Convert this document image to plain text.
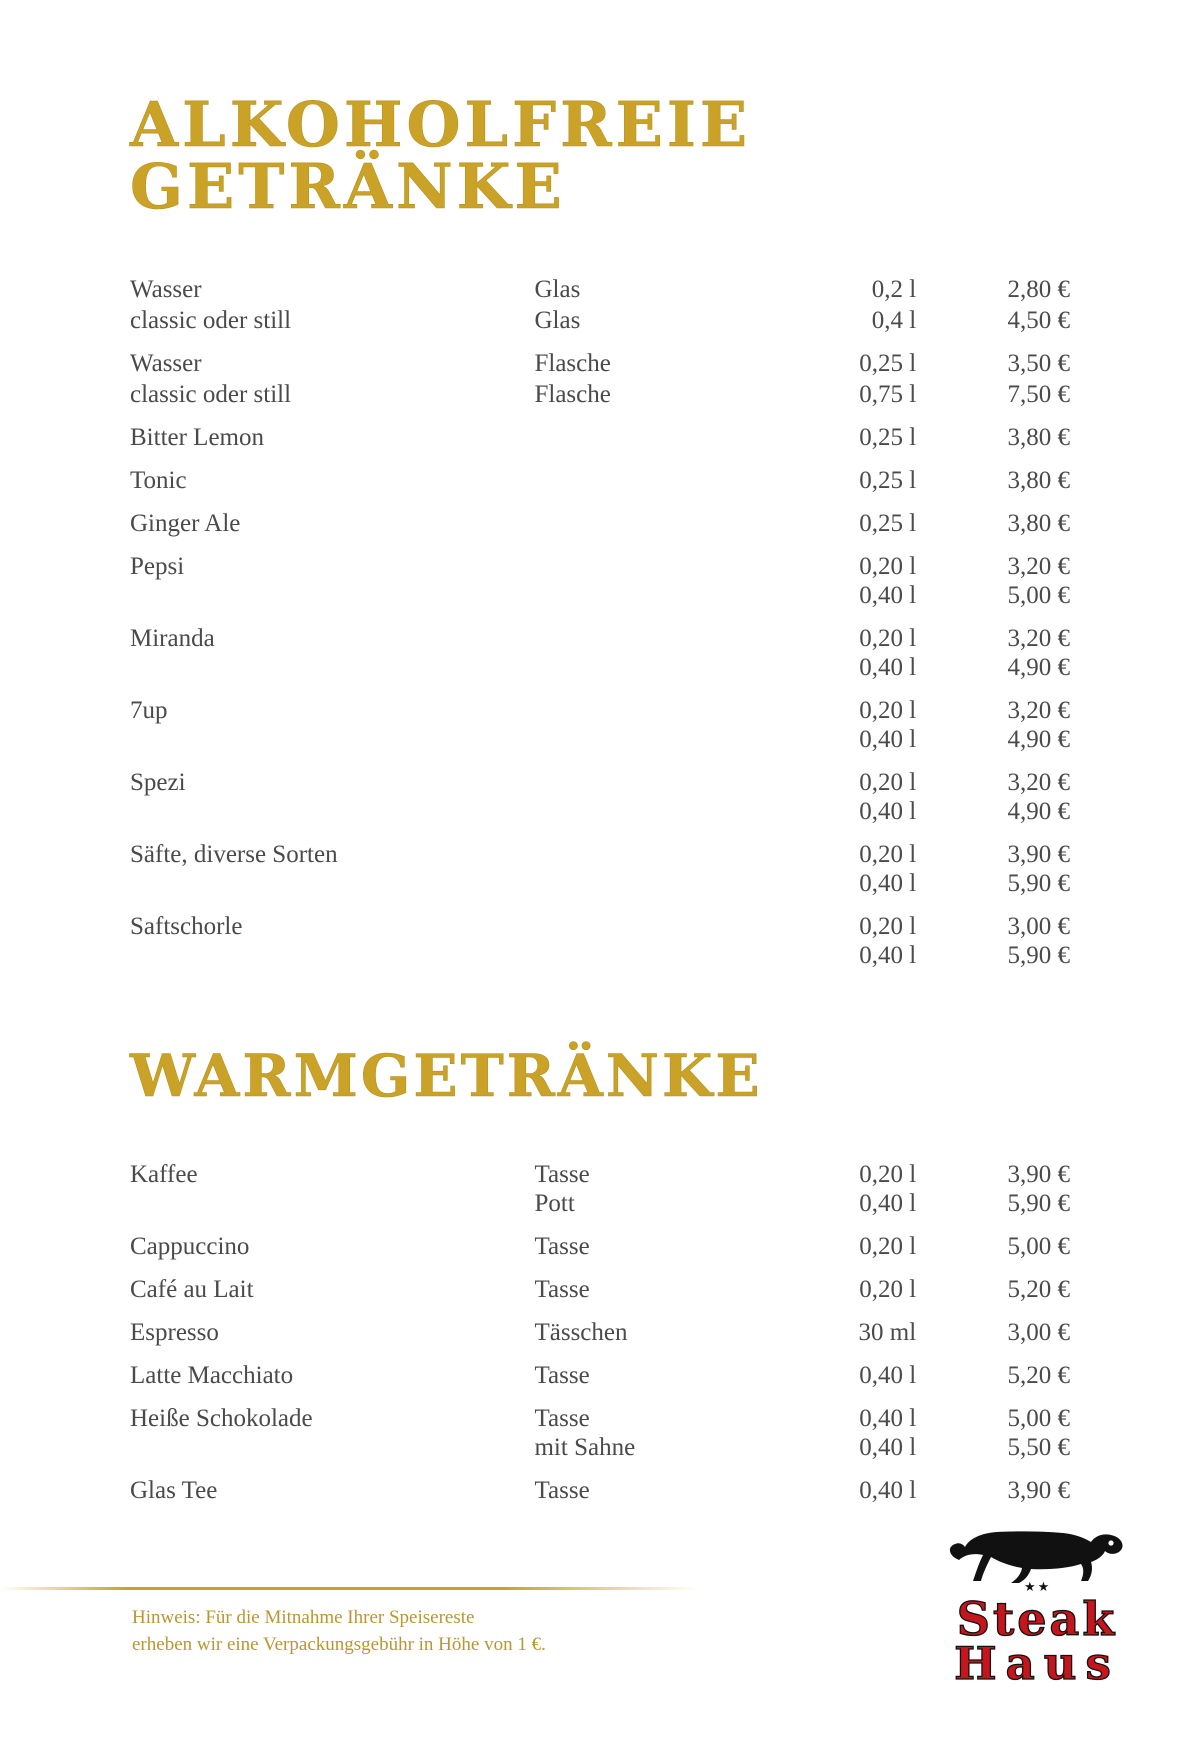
ALKOHOLFREIE GETRÄNKE
Wasser	Glas	0,2 l	2,80 €
classic oder still	Glas	0,4 l	4,50 €
Wasser	Flasche	0,25 l	3,50 €
classic oder still	Flasche	0,75 l	7,50 €
Bitter Lemon		0,25 l	3,80 €
Tonic		0,25 l	3,80 €
Ginger Ale		0,25 l	3,80 €
Pepsi		0,20 l	3,20 €
		0,40 l	5,00 €
Miranda		0,20 l	3,20 €
		0,40 l	4,90 €
7up		0,20 l	3,20 €
		0,40 l	4,90 €
Spezi		0,20 l	3,20 €
		0,40 l	4,90 €
Säfte, diverse Sorten		0,20 l	3,90 €
		0,40 l	5,90 €
Saftschorle		0,20 l	3,00 €
		0,40 l	5,90 €
WARMGETRÄNKE
Kaffee	Tasse	0,20 l	3,90 €
	Pott	0,40 l	5,90 €
Cappuccino	Tasse	0,20 l	5,00 €
Café au Lait	Tasse	0,20 l	5,20 €
Espresso	Tässchen	30 ml	3,00 €
Latte Macchiato	Tasse	0,40 l	5,20 €
Heiße Schokolade	Tasse	0,40 l	5,00 €
	mit Sahne	0,40 l	5,50 €
Glas Tee	Tasse	0,40 l	3,90 €
Hinweis: Für die Mitnahme Ihrer Speisereste
erheben wir eine Verpackungsgebühr in Höhe von 1 €.
★★
Steak
Haus
